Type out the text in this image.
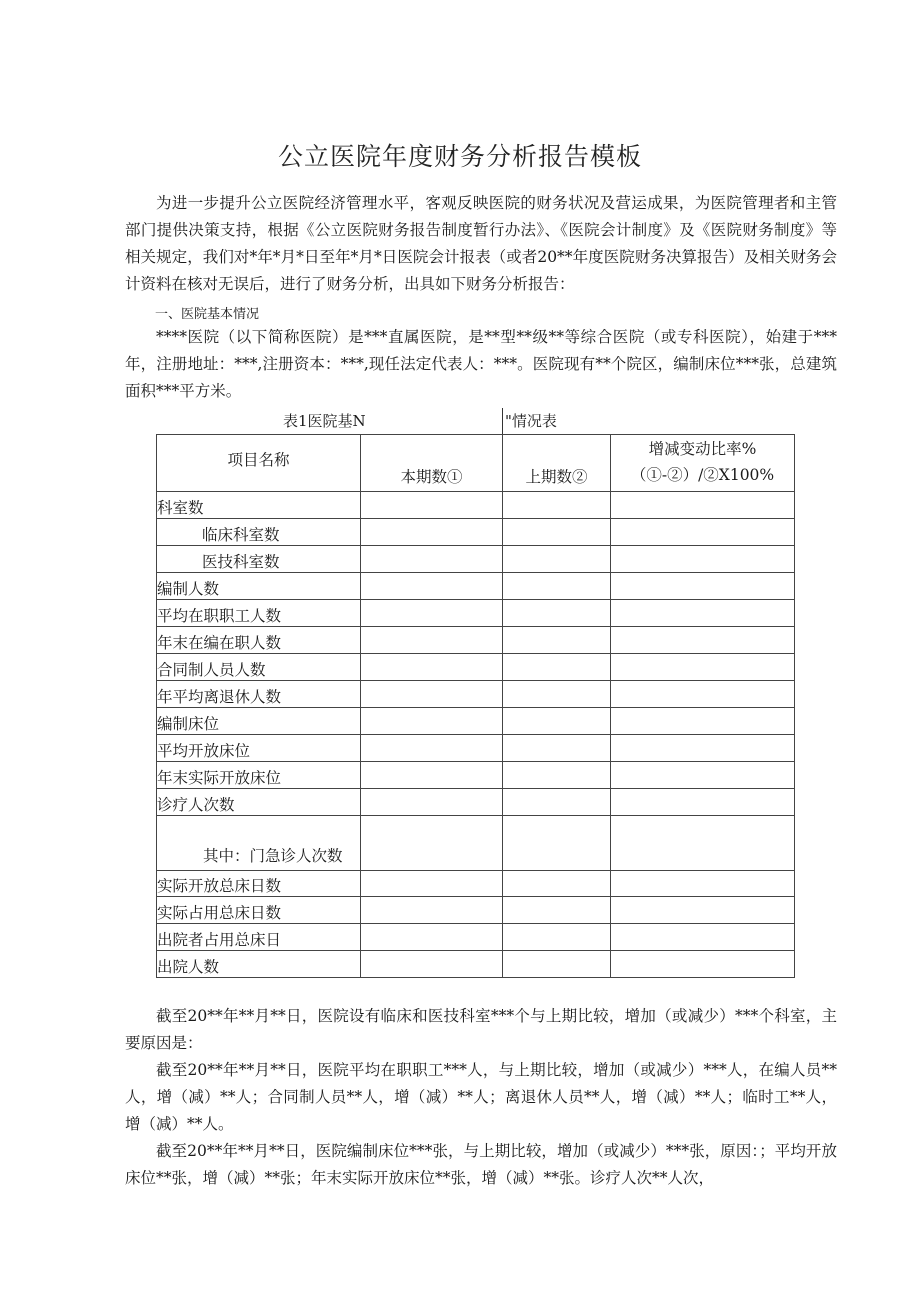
公立医院年度财务分析报告模板

为进一步提升公立医院经济管理水平，客观反映医院的财务状况及营运成果，为医院管理者和主管部门提供决策支持，根据《公立医院财务报告制度暂行办法》、《医院会计制度》及《医院财务制度》等相关规定，我们对*年*月*日至年*月*日医院会计报表（或者20**年度医院财务决算报告）及相关财务会计资料在核对无误后，进行了财务分析，出具如下财务分析报告：

一、医院基本情况

****医院（以下简称医院）是***直属医院，是**型**级**等综合医院（或专科医院），始建于***年，注册地址：***,注册资本：***,现任法定代表人：***。医院现有**个院区，编制床位***张，总建筑面积***平方米。

表1医院基N	"情况表
项目名称	本期数①	上期数②	增减变动比率%
（①-②）/②X100%

科室数			
临床科室数			
医技科室数			
编制人数			
平均在职职工人数			
年末在编在职人数			
合同制人员人数			
年平均离退休人数			
编制床位			
平均开放床位			
年末实际开放床位			
诊疗人次数			
其中：门急诊人次数			
实际开放总床日数			
实际占用总床日数			
出院者占用总床日			
出院人数			

截至20**年**月**日，医院设有临床和医技科室***个与上期比较，增加（或减少）***个科室，主要原因是：

截至20**年**月**日，医院平均在职职工***人，与上期比较，增加（或减少）***人，在编人员**人，增（减）**人；合同制人员**人，增（减）**人；离退休人员**人，增（减）**人；临时工**人，增（减）**人。

截至20**年**月**日，医院编制床位***张，与上期比较，增加（或减少）***张，原因：；平均开放床位**张，增（减）**张；年末实际开放床位**张，增（减）**张。诊疗人次**人次，
